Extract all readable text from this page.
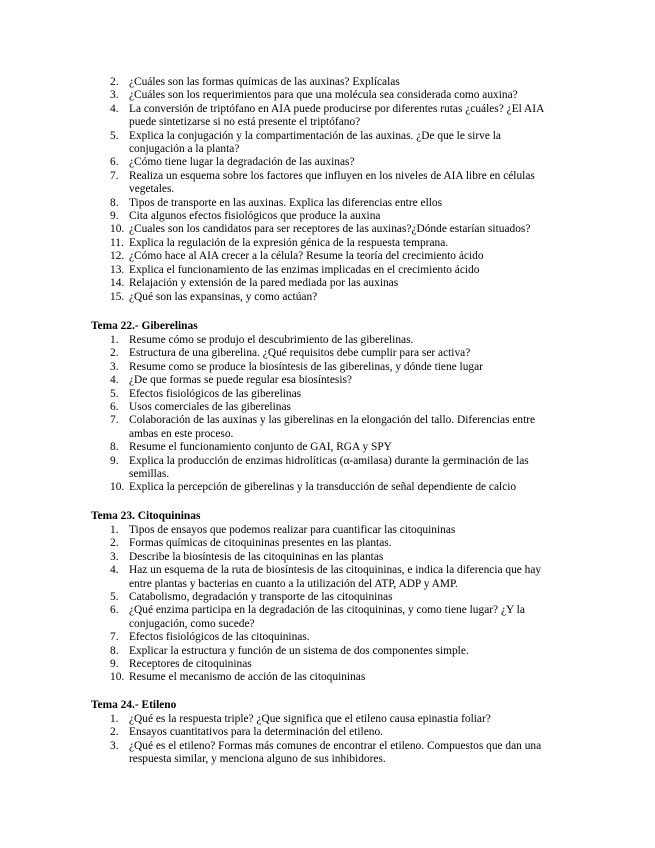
2. ¿Cuáles son las formas químicas de las auxinas? Explícalas
3. ¿Cuáles son los requerimientos para que una molécula sea considerada como auxina?
4. La conversión de triptófano en AIA puede producirse por diferentes rutas ¿cuáles? ¿El AIA puede sintetizarse si no está presente el triptófano?
5. Explica la conjugación y la compartimentación de las auxinas. ¿De que le sirve la conjugación a la planta?
6. ¿Cómo tiene lugar la degradación de las auxinas?
7. Realiza un esquema sobre los factores que influyen en los niveles de AIA libre en células vegetales.
8. Tipos de transporte en las auxinas. Explica las diferencias entre ellos
9. Cita algunos efectos fisiológicos que produce la auxina
10. ¿Cuales son los candidatos para ser receptores de las auxinas?¿Dónde estarían situados?
11. Explica la regulación de la expresión génica de la respuesta temprana.
12. ¿Cómo hace al AIA crecer a la célula? Resume la teoría del crecimiento ácido
13. Explica el funcionamiento de las enzimas implicadas en el crecimiento ácido
14. Relajación y extensión de la pared mediada por las auxinas
15. ¿Qué son las expansinas, y como actúan?
Tema 22.- Giberelinas
1. Resume cómo se produjo el descubrimiento de las giberelinas.
2. Estructura de una giberelina. ¿Qué requisitos debe cumplir para ser activa?
3. Resume como se produce la biosíntesis de las giberelinas, y dónde tiene lugar
4. ¿De que formas se puede regular esa biosíntesis?
5. Efectos fisiológicos de las giberelinas
6. Usos comerciales de las giberelinas
7. Colaboración de las auxinas y las giberelinas en la elongación del tallo. Diferencias entre ambas en este proceso.
8. Resume el funcionamiento conjunto de GAI, RGA y SPY
9. Explica la producción de enzimas hidrolíticas (α-amilasa) durante la germinación de las semillas.
10. Explica la percepción de giberelinas y la transducción de señal dependiente de calcio
Tema 23. Citoquininas
1. Tipos de ensayos que podemos realizar para cuantificar las citoquininas
2. Formas químicas de citoquininas presentes en las plantas.
3. Describe la biosíntesis de las citoquininas en las plantas
4. Haz un esquema de la ruta de biosíntesis de las citoquininas, e indica la diferencia que hay entre plantas y bacterias en cuanto a la utilización del ATP, ADP y AMP.
5. Catabolismo, degradación y transporte de las citoquininas
6. ¿Qué enzima participa en la degradación de las citoquininas, y como tiene lugar? ¿Y la conjugación, como sucede?
7. Efectos fisiológicos de las citoquininas.
8. Explicar la estructura y función de un sistema de dos componentes simple.
9. Receptores de citoquininas
10. Resume el mecanismo de acción de las citoquininas
Tema 24.- Etileno
1. ¿Qué es la respuesta triple? ¿Que significa que el etileno causa epinastia foliar?
2. Ensayos cuantitativos para la determinación del etileno.
3. ¿Qué es el etileno? Formas más comunes de encontrar el etileno. Compuestos que dan una respuesta similar, y menciona alguno de sus inhibidores.
